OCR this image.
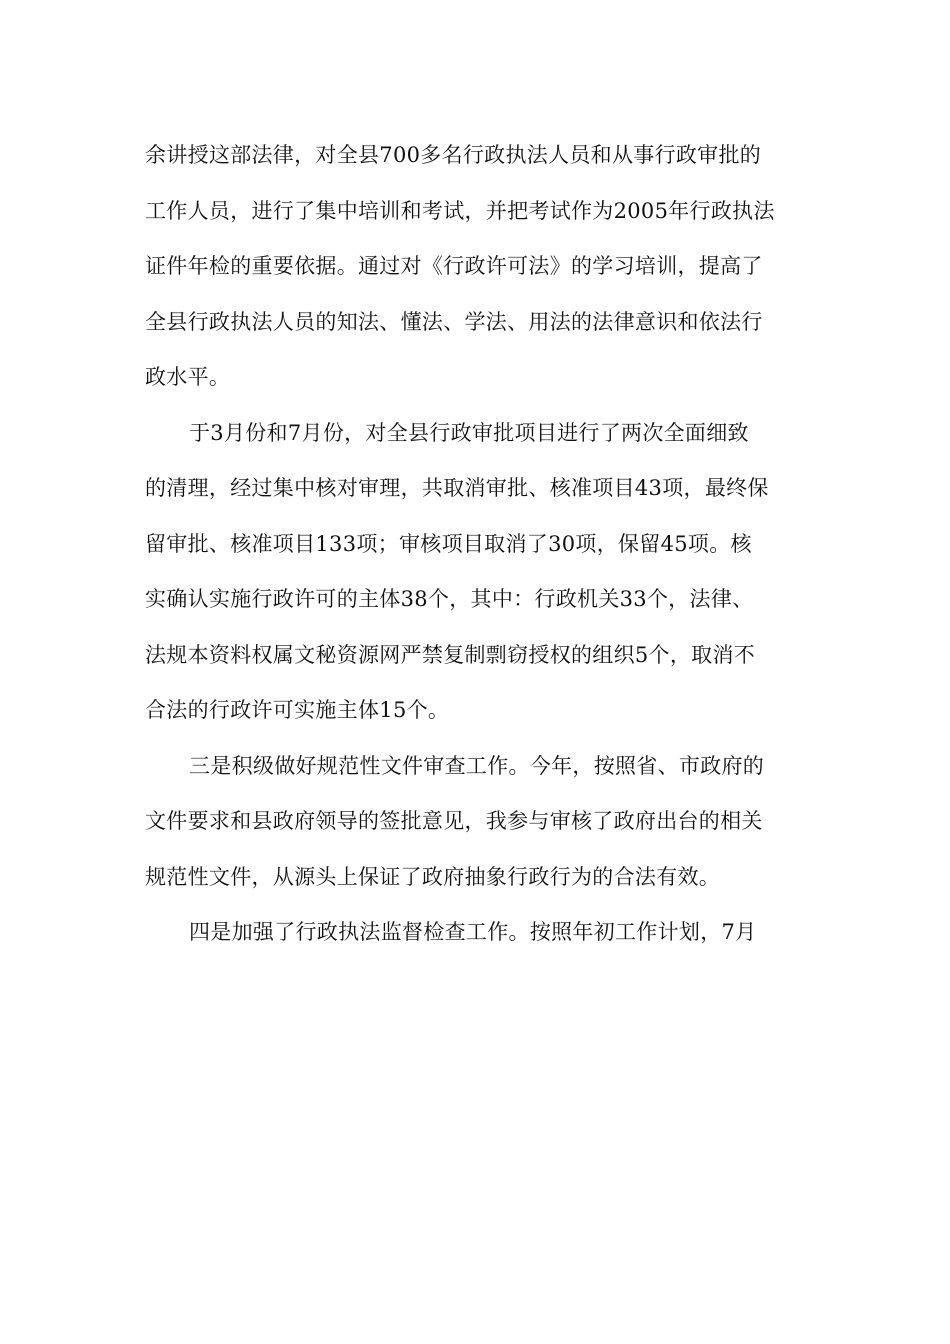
余讲授这部法律，对全县700多名行政执法人员和从事行政审批的
工作人员，进行了集中培训和考试，并把考试作为2005年行政执法
证件年检的重要依据。通过对《行政许可法》的学习培训，提高了
全县行政执法人员的知法、懂法、学法、用法的法律意识和依法行
政水平。
于3月份和7月份，对全县行政审批项目进行了两次全面细致
的清理，经过集中核对审理，共取消审批、核准项目43项，最终保
留审批、核准项目133项；审核项目取消了30项，保留45项。核
实确认实施行政许可的主体38个，其中：行政机关33个，法律、
法规本资料权属文秘资源网严禁复制剽窃授权的组织5个，取消不
合法的行政许可实施主体15个。
三是积级做好规范性文件审查工作。今年，按照省、市政府的
文件要求和县政府领导的签批意见，我参与审核了政府出台的相关
规范性文件，从源头上保证了政府抽象行政行为的合法有效。
四是加强了行政执法监督检查工作。按照年初工作计划，7月
